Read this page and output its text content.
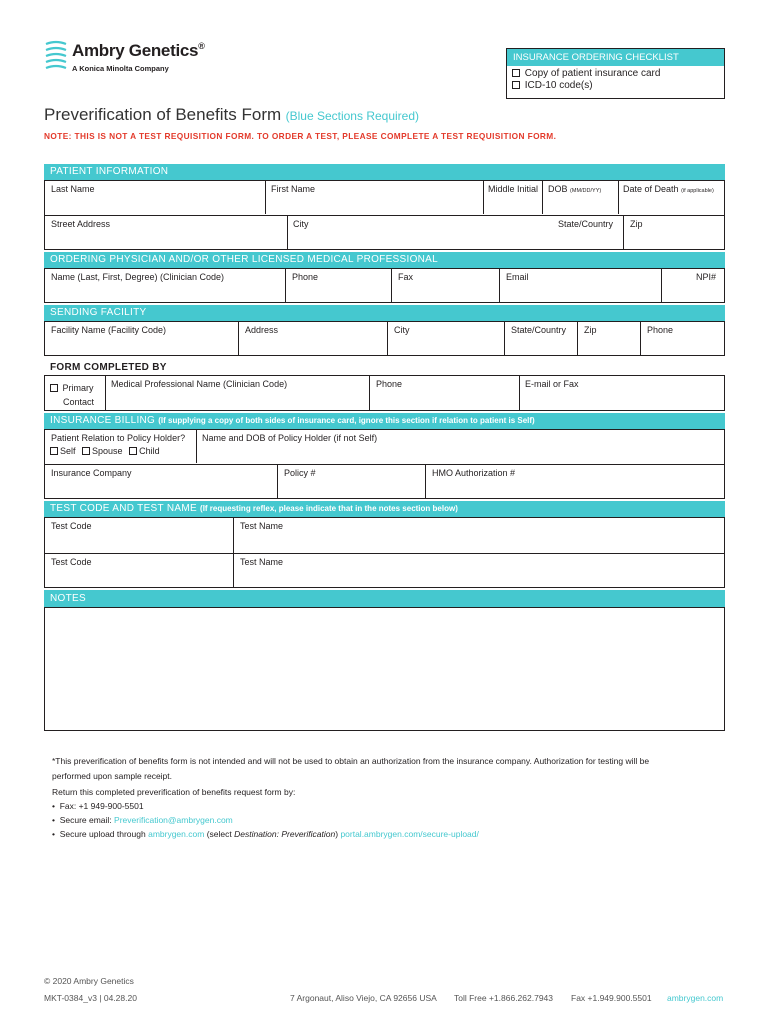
Ambry Genetics®
A Konica Minolta Company
INSURANCE ORDERING CHECKLIST
Copy of patient insurance card
ICD-10 code(s)
Preverification of Benefits Form (Blue Sections Required)
NOTE: THIS IS NOT A TEST REQUISITION FORM. TO ORDER A TEST, PLEASE COMPLETE A TEST REQUISITION FORM.
PATIENT INFORMATION
Last Name	First Name	Middle Initial DOB (MM/DD/YY) Date of Death (if applicable)
Street Address	City	State/Country Zip
ORDERING PHYSICIAN AND/OR OTHER LICENSED MEDICAL PROFESSIONAL
Name (Last, First, Degree) (Clinician Code)	Phone	Fax	Email	NPI#
SENDING FACILITY
Facility Name (Facility Code)	Address	City	State/Country Zip	Phone
FORM COMPLETED BY
Primary
Contact
Medical Professional Name (Clinician Code)	Phone	E-mail or Fax
INSURANCE BILLING (If supplying a copy of both sides of insurance card, ignore this section if relation to patient is Self)
Patient Relation to Policy Holder?
Self Spouse Child
Name and DOB of Policy Holder (if not Self)
Insurance Company	Policy #	HMO Authorization #
TEST CODE AND TEST NAME (If requesting reflex, please indicate that in the notes section below)
Test Code	Test Name
Test Code	Test Name
NOTES
*This preverification of benefits form is not intended and will not be used to obtain an authorization from the insurance company. Authorization for testing will be
performed upon sample receipt.
Return this completed preverification of benefits request form by:
•  Fax: +1 949-900-5501
•  Secure email: Preverification@ambrygen.com
•  Secure upload through ambrygen.com (select Destination: Preverification) portal.ambrygen.com/secure-upload/
© 2020 Ambry Genetics
MKT-0384_v3 | 04.28.20	7 Argonaut, Aliso Viejo, CA 92656 USA Toll Free +1.866.262.7943 Fax +1.949.900.5501 ambrygen.com
